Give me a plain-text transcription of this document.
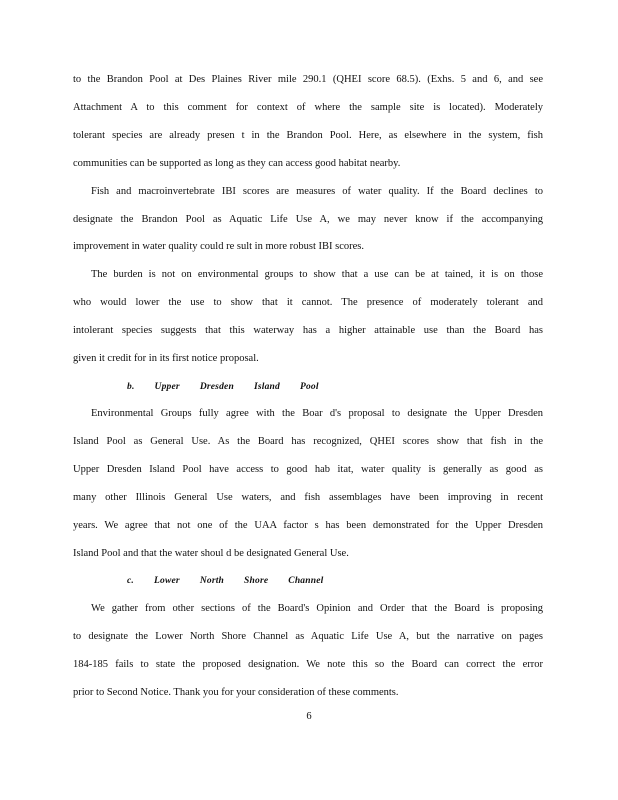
to the Brandon Pool at Des Plaines River mile 290.1 (QHEI score 68.5). (Exhs. 5 and 6, and see
Attachment A to this comment for context of where the sample site is located). Moderately
tolerant species are already presen t in the Brandon Pool. Here, as elsewhere in the system, fish
communities can be supported as long as they can access good habitat nearby.
Fish and macroinvertebrate IBI scores are measures of water quality. If the Board declines to
designate the Brandon Pool as Aquatic Life Use A, we may never know if the accompanying
improvement in water quality could re sult in more robust IBI scores.
The burden is not on environmental groups to show that a use can be at tained, it is on those
who would lower the use to show that it cannot. The presence of moderately tolerant and
intolerant species suggests that this waterway has a higher attainable use than the Board has
given it credit for in its first notice proposal.
b. Upper Dresden Island Pool
Environmental Groups fully agree with the Boar d's proposal to designate the Upper Dresden
Island Pool as General Use. As the Board has recognized, QHEI scores show that fish in the
Upper Dresden Island Pool have access to good hab itat, water quality is generally as good as
many other Illinois General Use waters, and fish assemblages have been improving in recent
years. We agree that not one of the UAA factor s has been demonstrated for the Upper Dresden
Island Pool and that the water shoul d be designated General Use.
c. Lower North Shore Channel
We gather from other sections of the Board's Opinion and Order that the Board is proposing
to designate the Lower North Shore Channel as Aquatic Life Use A, but the narrative on pages
184-185 fails to state the proposed designation. We note this so the Board can correct the error
prior to Second Notice. Thank you for your consideration of these comments.
6
